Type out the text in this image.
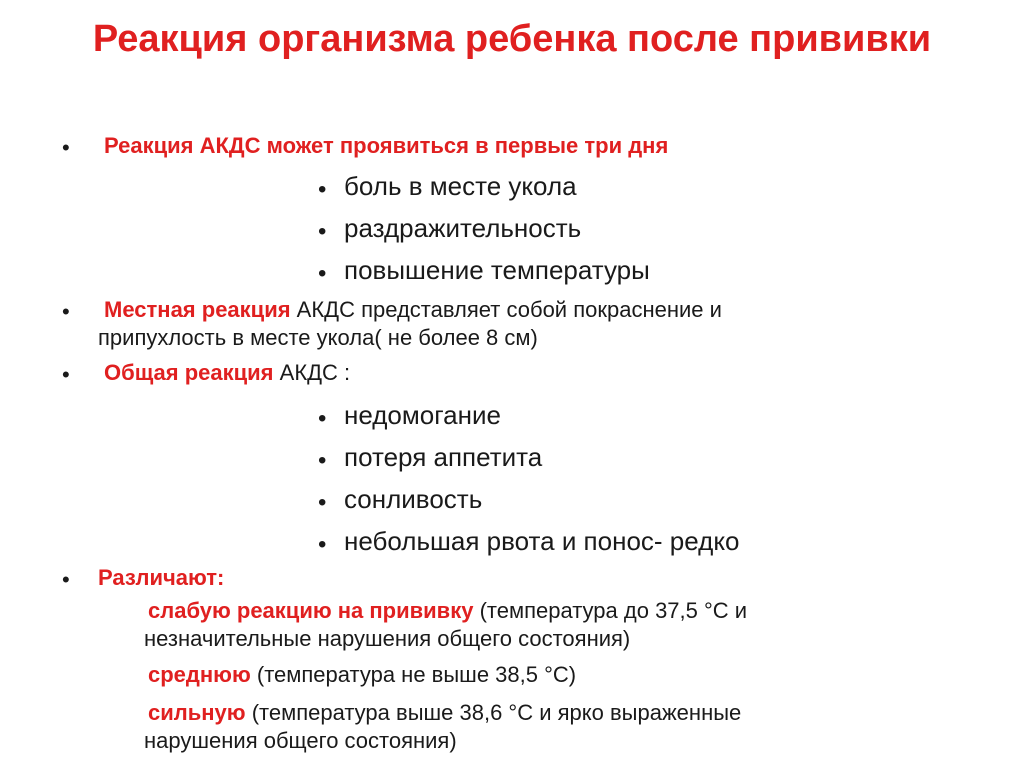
Реакция организма ребенка после прививки
• Реакция АКДС может проявиться в первые три дня
• боль в месте укола
• раздражительность
• повышение температуры
• Местная реакция АКДС представляет собой покраснение и
припухлость в месте укола( не более 8 см)
• Общая реакция АКДС :
• недомогание
• потеря аппетита
• сонливость
• небольшая рвота и понос- редко
• Различают:
слабую реакцию на прививку (температура до 37,5 °С и
незначительные нарушения общего состояния)
среднюю (температура не выше 38,5 °С)
сильную (температура выше 38,6 °С и ярко выраженные
нарушения общего состояния)
